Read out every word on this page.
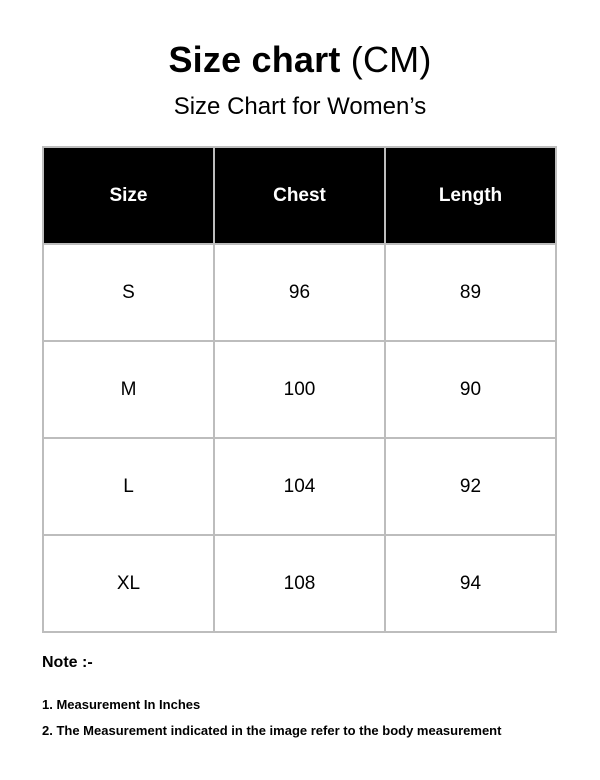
Size chart (CM)
Size Chart for Women’s
Size	Chest	Length
S	96	89
M	100	90
L	104	92
XL	108	94
Note :-
1. Measurement In Inches
2. The Measurement indicated in the image refer to the body measurement
